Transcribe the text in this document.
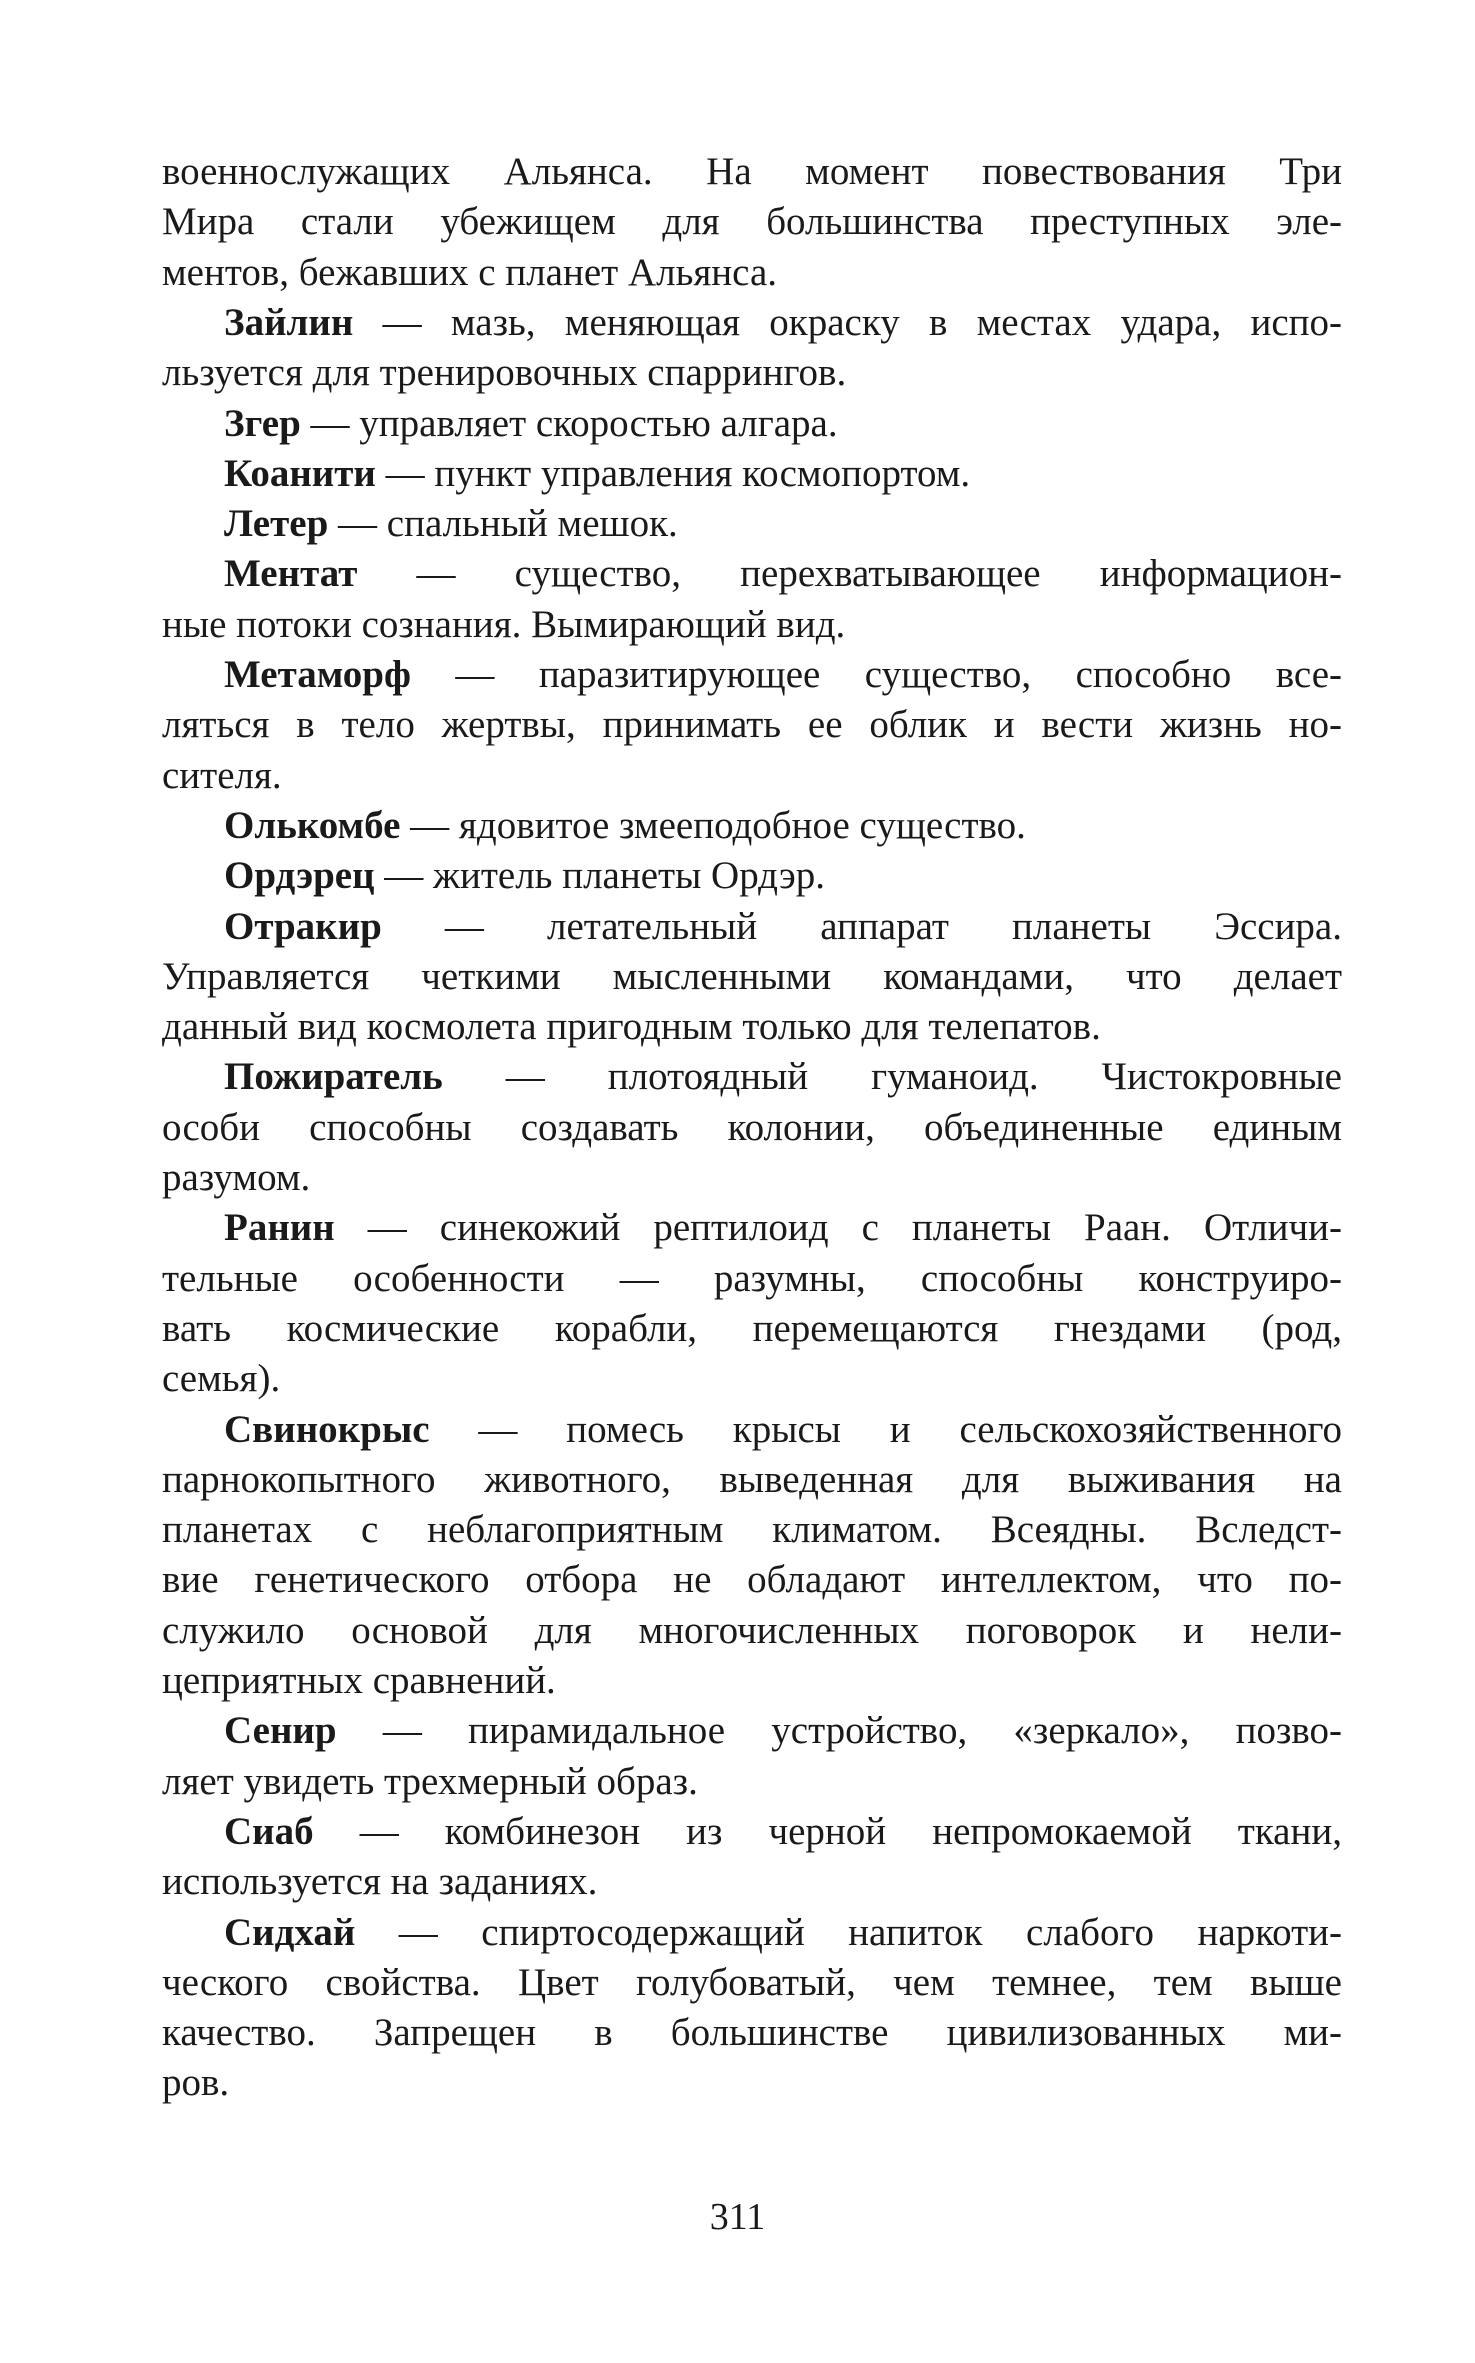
военнослужащих Альянса. На момент повествования Три
Мира стали убежищем для большинства преступных эле-
ментов, бежавших с планет Альянса.
Зайлин — мазь, меняющая окраску в местах удара, испо-
льзуется для тренировочных спаррингов.
Згер — управляет скоростью алгара.
Коанити — пункт управления космопортом.
Летер — спальный мешок.
Ментат — существо, перехватывающее информацион-
ные потоки сознания. Вымирающий вид.
Метаморф — паразитирующее существо, способно все-
ляться в тело жертвы, принимать ее облик и вести жизнь но-
сителя.
Олькомбе — ядовитое змееподобное существо.
Ордэрец — житель планеты Ордэр.
Отракир — летательный аппарат планеты Эссира.
Управляется четкими мысленными командами, что делает
данный вид космолета пригодным только для телепатов.
Пожиратель — плотоядный гуманоид. Чистокровные
особи способны создавать колонии, объединенные единым
разумом.
Ранин — синекожий рептилоид с планеты Раан. Отличи-
тельные особенности — разумны, способны конструиро-
вать космические корабли, перемещаются гнездами (род,
семья).
Свинокрыс — помесь крысы и сельскохозяйственного
парнокопытного животного, выведенная для выживания на
планетах с неблагоприятным климатом. Всеядны. Вследст-
вие генетического отбора не обладают интеллектом, что по-
служило основой для многочисленных поговорок и нели-
цеприятных сравнений.
Сенир — пирамидальное устройство, «зеркало», позво-
ляет увидеть трехмерный образ.
Сиаб — комбинезон из черной непромокаемой ткани,
используется на заданиях.
Сидхай — спиртосодержащий напиток слабого наркоти-
ческого свойства. Цвет голубоватый, чем темнее, тем выше
качество. Запрещен в большинстве цивилизованных ми-
ров.
311
